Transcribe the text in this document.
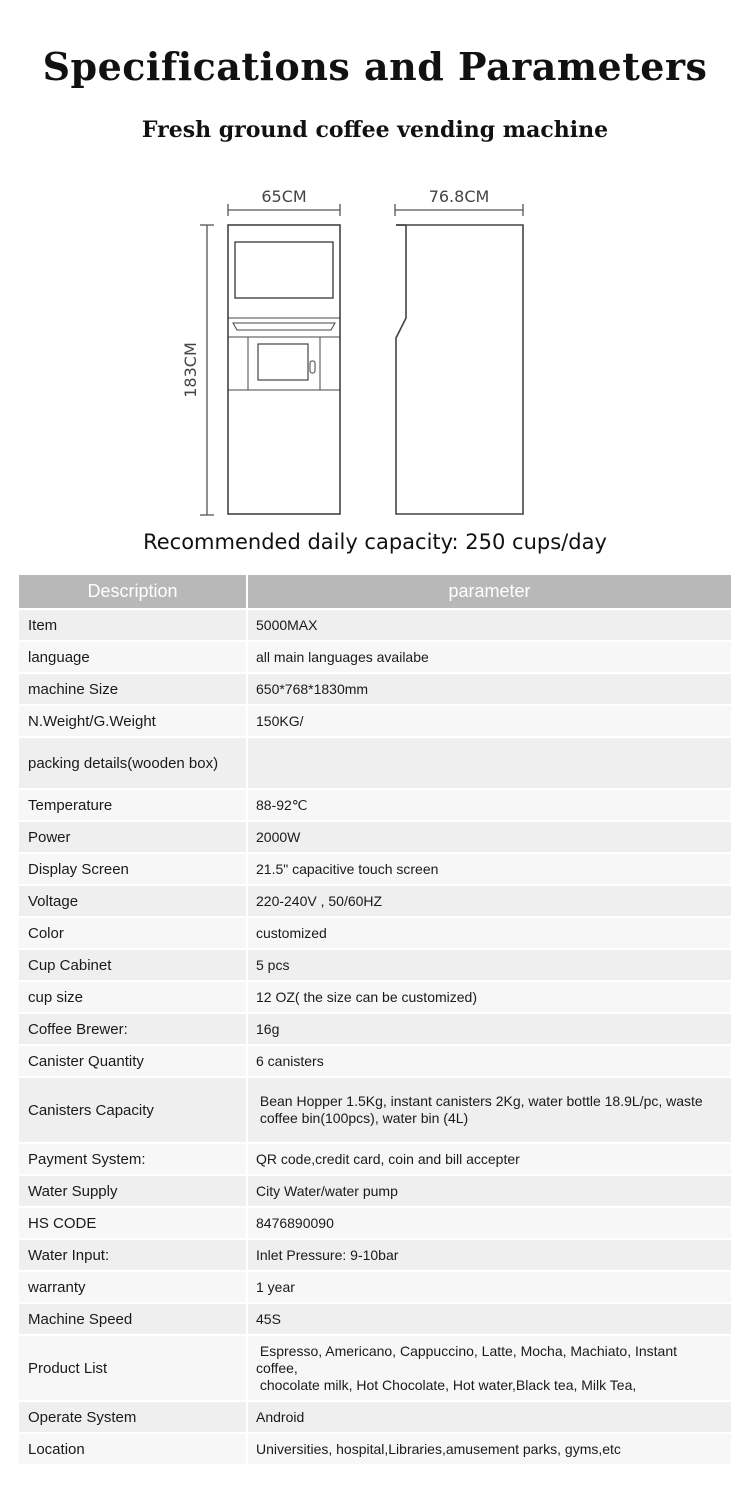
Specifications and Parameters
Fresh ground coffee vending machine
65CM	76.8CM
183CM
Recommended daily capacity: 250 cups/day
Description	parameter
Item	5000MAX
language	all main languages availabe
machine Size	650*768*1830mm
N.Weight/G.Weight	150KG/
packing details(wooden box)	
Temperature	88-92℃
Power	2000W
Display Screen	21.5" capacitive touch screen
Voltage	220-240V , 50/60HZ
Color	customized
Cup Cabinet	5 pcs
cup size	12 OZ( the size can be customized)
Coffee Brewer:	16g
Canister Quantity	6 canisters
Canisters Capacity	Bean Hopper 1.5Kg, instant canisters 2Kg, water bottle 18.9L/pc, waste
coffee bin(100pcs), water bin (4L)
Payment System:	QR code,credit card, coin and bill accepter
Water Supply	City Water/water pump
HS CODE	8476890090
Water Input:	Inlet Pressure: 9-10bar
warranty	1 year
Machine Speed	45S
Product List	Espresso, Americano, Cappuccino, Latte, Mocha, Machiato, Instant coffee,
chocolate milk, Hot Chocolate, Hot water,Black tea, Milk Tea,
Operate System	Android
Location	Universities, hospital,Libraries,amusement parks, gyms,etc
